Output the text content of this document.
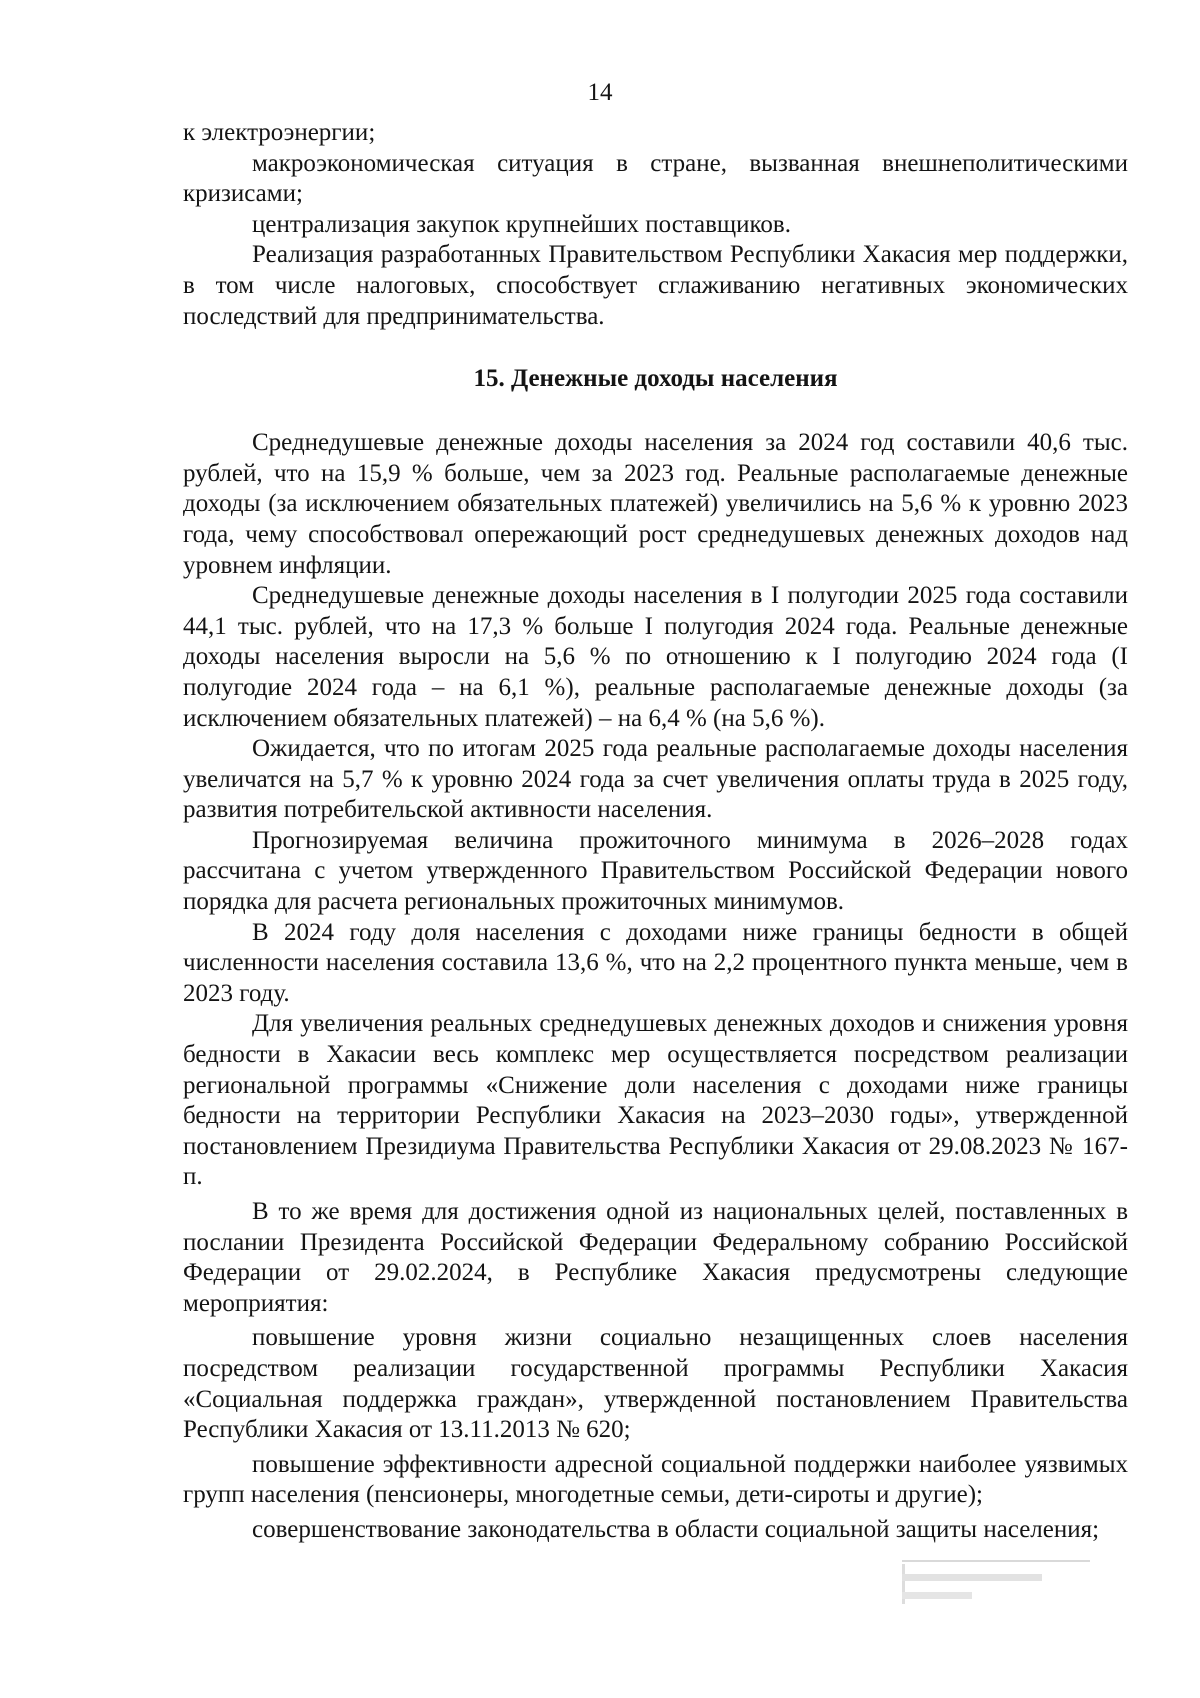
14

к электроэнергии;

макроэкономическая ситуация в стране, вызванная внешнеполитическими кризисами;

централизация закупок крупнейших поставщиков.

Реализация разработанных Правительством Республики Хакасия мер поддержки, в том числе налоговых, способствует сглаживанию негативных экономических последствий для предпринимательства.

15. Денежные доходы населения

Среднедушевые денежные доходы населения за 2024 год составили 40,6 тыс. рублей, что на 15,9 % больше, чем за 2023 год. Реальные располагаемые денежные доходы (за исключением обязательных платежей) увеличились на 5,6 % к уровню 2023 года, чему способствовал опережающий рост среднедушевых денежных доходов над уровнем инфляции.

Среднедушевые денежные доходы населения в I полугодии 2025 года составили 44,1 тыс. рублей, что на 17,3 % больше I полугодия 2024 года. Реальные денежные доходы населения выросли на 5,6 % по отношению к I полугодию 2024 года (I полугодие 2024 года – на 6,1 %), реальные располагаемые денежные доходы (за исключением обязательных платежей) – на 6,4 % (на 5,6 %).

Ожидается, что по итогам 2025 года реальные располагаемые доходы населения увеличатся на 5,7 % к уровню 2024 года за счет увеличения оплаты труда в 2025 году, развития потребительской активности населения.

Прогнозируемая величина прожиточного минимума в 2026–2028 годах рассчитана с учетом утвержденного Правительством Российской Федерации нового порядка для расчета региональных прожиточных минимумов.

В 2024 году доля населения с доходами ниже границы бедности в общей численности населения составила 13,6 %, что на 2,2 процентного пункта меньше, чем в 2023 году.

Для увеличения реальных среднедушевых денежных доходов и снижения уровня бедности в Хакасии весь комплекс мер осуществляется посредством реализации региональной программы «Снижение доли населения с доходами ниже границы бедности на территории Республики Хакасия на 2023–2030 годы», утвержденной постановлением Президиума Правительства Республики Хакасия от 29.08.2023 № 167-п.

В то же время для достижения одной из национальных целей, поставленных в послании Президента Российской Федерации Федеральному собранию Российской Федерации от 29.02.2024, в Республике Хакасия предусмотрены следующие мероприятия:

повышение уровня жизни социально незащищенных слоев населения посредством реализации государственной программы Республики Хакасия «Социальная поддержка граждан», утвержденной постановлением Правительства Республики Хакасия от 13.11.2013 № 620;

повышение эффективности адресной социальной поддержки наиболее уязвимых групп населения (пенсионеры, многодетные семьи, дети-сироты и другие);

совершенствование законодательства в области социальной защиты населения;
